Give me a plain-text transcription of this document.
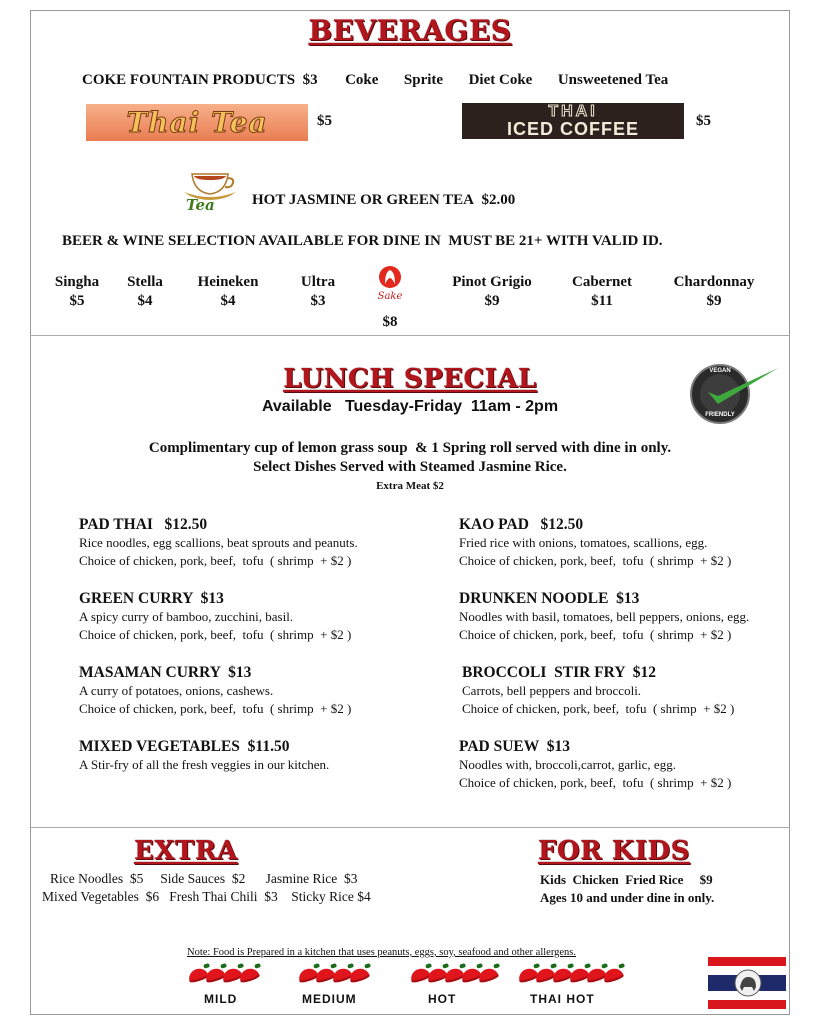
BEVERAGES
COKE FOUNTAIN PRODUCTS $3 Coke Sprite Diet Coke Unsweetened Tea
Thai Tea	$5
THAI
ICED COFFEE	$5
Tea HOT JASMINE OR GREEN TEA $2.00
BEER & WINE SELECTION AVAILABLE FOR DINE IN  MUST BE 21+ WITH VALID ID.
Singha
$5
Stella
$4
Heineken
$4
Ultra
$3	Sake
$8
Pinot Grigio
$9
Cabernet
$11
Chardonnay
$9
LUNCH SPECIAL
Available   Tuesday-Friday  11am - 2pm
VEGAN
FRIENDLY
Complimentary cup of lemon grass soup  & 1 Spring roll served with dine in only.
Select Dishes Served with Steamed Jasmine Rice.
Extra Meat $2
PAD THAI   $12.50
Rice noodles, egg scallions, beat sprouts and peanuts.
Choice of chicken, pork, beef,  tofu  ( shrimp  + $2 )
GREEN CURRY  $13
A spicy curry of bamboo, zucchini, basil.
Choice of chicken, pork, beef,  tofu  ( shrimp  + $2 )
MASAMAN CURRY  $13
A curry of potatoes, onions, cashews.
Choice of chicken, pork, beef,  tofu  ( shrimp  + $2 )
MIXED VEGETABLES  $11.50
A Stir-fry of all the fresh veggies in our kitchen.
KAO PAD   $12.50
Fried rice with onions, tomatoes, scallions, egg.
Choice of chicken, pork, beef,  tofu  ( shrimp  + $2 )
DRUNKEN NOODLE  $13
Noodles with basil, tomatoes, bell peppers, onions, egg.
Choice of chicken, pork, beef,  tofu  ( shrimp  + $2 )
BROCCOLI  STIR FRY  $12
Carrots, bell peppers and broccoli.
Choice of chicken, pork, beef,  tofu  ( shrimp  + $2 )
PAD SUEW  $13
Noodles with, broccoli,carrot, garlic, egg.
Choice of chicken, pork, beef,  tofu  ( shrimp  + $2 )
EXTRA
Rice Noodles  $5     Side Sauces  $2      Jasmine Rice  $3
Mixed Vegetables  $6   Fresh Thai Chili  $3    Sticky Rice $4
FOR KIDS
Kids  Chicken  Fried Rice     $9
Ages 10 and under dine in only.
Note: Food is Prepared in a kitchen that uses peanuts, eggs, soy, seafood and other allergens.
MILD	MEDIUM	HOT	THAI HOT
